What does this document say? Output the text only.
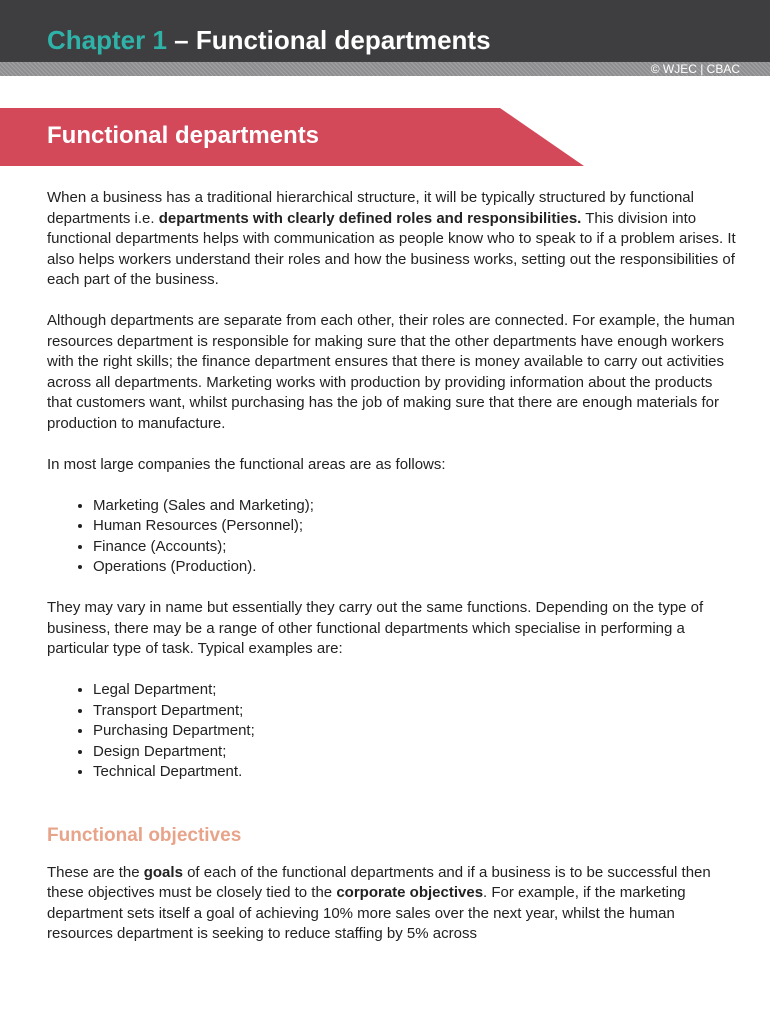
Chapter 1 – Functional departments

© WJEC | CBAC

Functional departments

When a business has a traditional hierarchical structure, it will be typically structured by functional departments i.e. departments with clearly defined roles and responsibilities. This division into functional departments helps with communication as people know who to speak to if a problem arises. It also helps workers understand their roles and how the business works, setting out the responsibilities of each part of the business.

Although departments are separate from each other, their roles are connected. For example, the human resources department is responsible for making sure that the other departments have enough workers with the right skills; the finance department ensures that there is money available to carry out activities across all departments. Marketing works with production by providing information about the products that customers want, whilst purchasing has the job of making sure that there are enough materials for production to manufacture.

In most large companies the functional areas are as follows:

• Marketing (Sales and Marketing);
• Human Resources (Personnel);
• Finance (Accounts);
• Operations (Production).

They may vary in name but essentially they carry out the same functions. Depending on the type of business, there may be a range of other functional departments which specialise in performing a particular type of task. Typical examples are:

• Legal Department;
• Transport Department;
• Purchasing Department;
• Design Department;
• Technical Department.
Functional objectives

These are the goals of each of the functional departments and if a business is to be successful then these objectives must be closely tied to the corporate objectives. For example, if the marketing department sets itself a goal of achieving 10% more sales over the next year, whilst the human resources department is seeking to reduce staffing by 5% across
